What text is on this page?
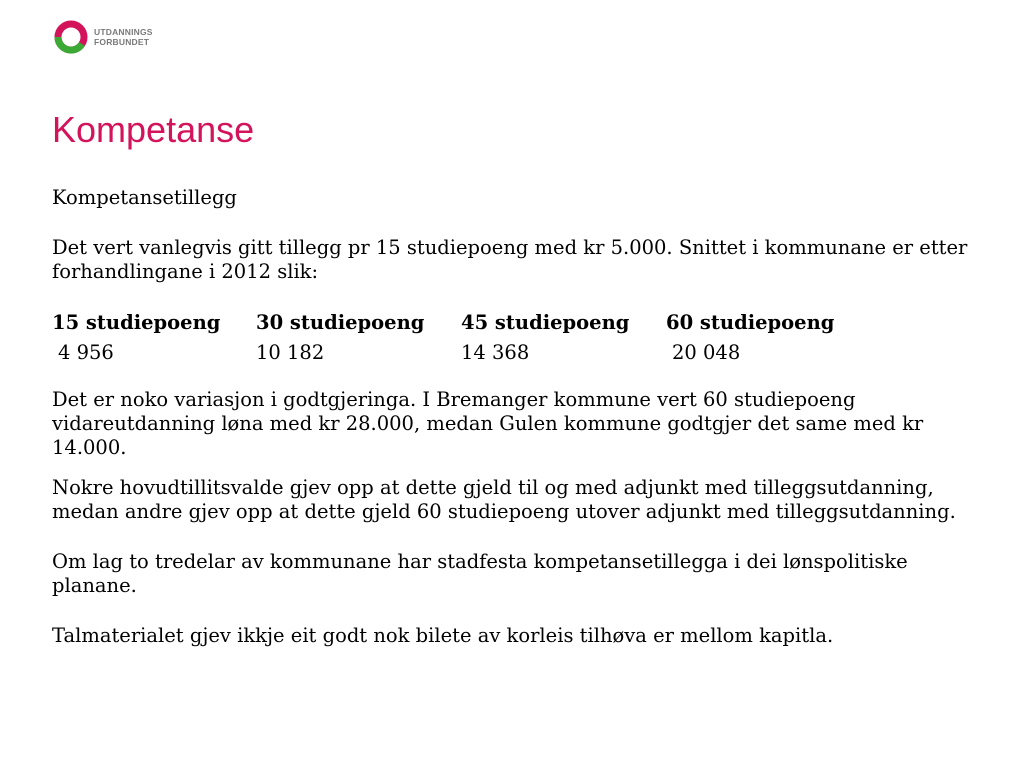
UTDANNINGS
FORBUNDET
Kompetanse

Kompetansetillegg

Det vert vanlegvis gitt tillegg pr 15 studiepoeng med kr 5.000. Snittet i kommunane er etter forhandlingane i 2012 slik:

15 studiepoeng	30 studiepoeng	45 studiepoeng	60 studiepoeng
4 956	10 182	14 368	20 048

Det er noko variasjon i godtgjeringa. I Bremanger kommune vert 60 studiepoeng vidareutdanning løna med kr 28.000, medan Gulen kommune godtgjer det same med kr 14.000.

Nokre hovudtillitsvalde gjev opp at dette gjeld til og med adjunkt med tilleggsutdanning, medan andre gjev opp at dette gjeld 60 studiepoeng utover adjunkt med tilleggsutdanning.

Om lag to tredelar av kommunane har stadfesta kompetansetillegga i dei lønspolitiske planane.

Talmaterialet gjev ikkje eit godt nok bilete av korleis tilhøva er mellom kapitla.
